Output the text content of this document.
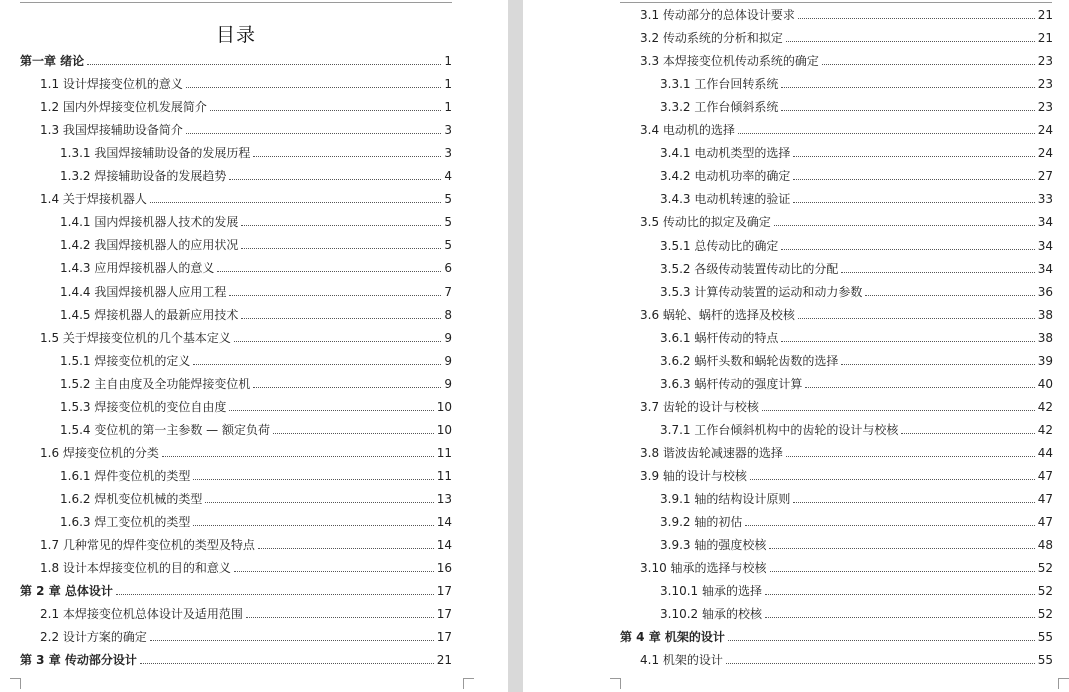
目录
第一章 绪论	1
1.1 设计焊接变位机的意义	1
1.2 国内外焊接变位机发展简介	1
1.3 我国焊接辅助设备简介	3
1.3.1 我国焊接辅助设备的发展历程	3
1.3.2 焊接辅助设备的发展趋势	4
1.4 关于焊接机器人	5
1.4.1 国内焊接机器人技术的发展	5
1.4.2 我国焊接机器人的应用状况	5
1.4.3 应用焊接机器人的意义	6
1.4.4 我国焊接机器人应用工程	7
1.4.5 焊接机器人的最新应用技术	8
1.5 关于焊接变位机的几个基本定义	9
1.5.1 焊接变位机的定义	9
1.5.2 主自由度及全功能焊接变位机	9
1.5.3 焊接变位机的变位自由度	10
1.5.4 变位机的第一主参数 — 额定负荷	10
1.6 焊接变位机的分类	11
1.6.1 焊件变位机的类型	11
1.6.2 焊机变位机械的类型	13
1.6.3 焊工变位机的类型	14
1.7 几种常见的焊件变位机的类型及特点	14
1.8 设计本焊接变位机的目的和意义	16
第 2 章 总体设计	17
2.1 本焊接变位机总体设计及适用范围	17
2.2 设计方案的确定	17
第 3 章 传动部分设计	21
3.1 传动部分的总体设计要求	21
3.2 传动系统的分析和拟定	21
3.3 本焊接变位机传动系统的确定	23
3.3.1 工作台回转系统	23
3.3.2 工作台倾斜系统	23
3.4 电动机的选择	24
3.4.1 电动机类型的选择	24
3.4.2 电动机功率的确定	27
3.4.3 电动机转速的验证	33
3.5 传动比的拟定及确定	34
3.5.1 总传动比的确定	34
3.5.2 各级传动装置传动比的分配	34
3.5.3 计算传动装置的运动和动力参数	36
3.6 蜗轮、蜗杆的选择及校核	38
3.6.1 蜗杆传动的特点	38
3.6.2 蜗杆头数和蜗轮齿数的选择	39
3.6.3 蜗杆传动的强度计算	40
3.7 齿轮的设计与校核	42
3.7.1 工作台倾斜机构中的齿轮的设计与校核	42
3.8 谐波齿轮减速器的选择	44
3.9 轴的设计与校核	47
3.9.1 轴的结构设计原则	47
3.9.2 轴的初估	47
3.9.3 轴的强度校核	48
3.10 轴承的选择与校核	52
3.10.1 轴承的选择	52
3.10.2 轴承的校核	52
第 4 章 机架的设计	55
4.1 机架的设计	55
